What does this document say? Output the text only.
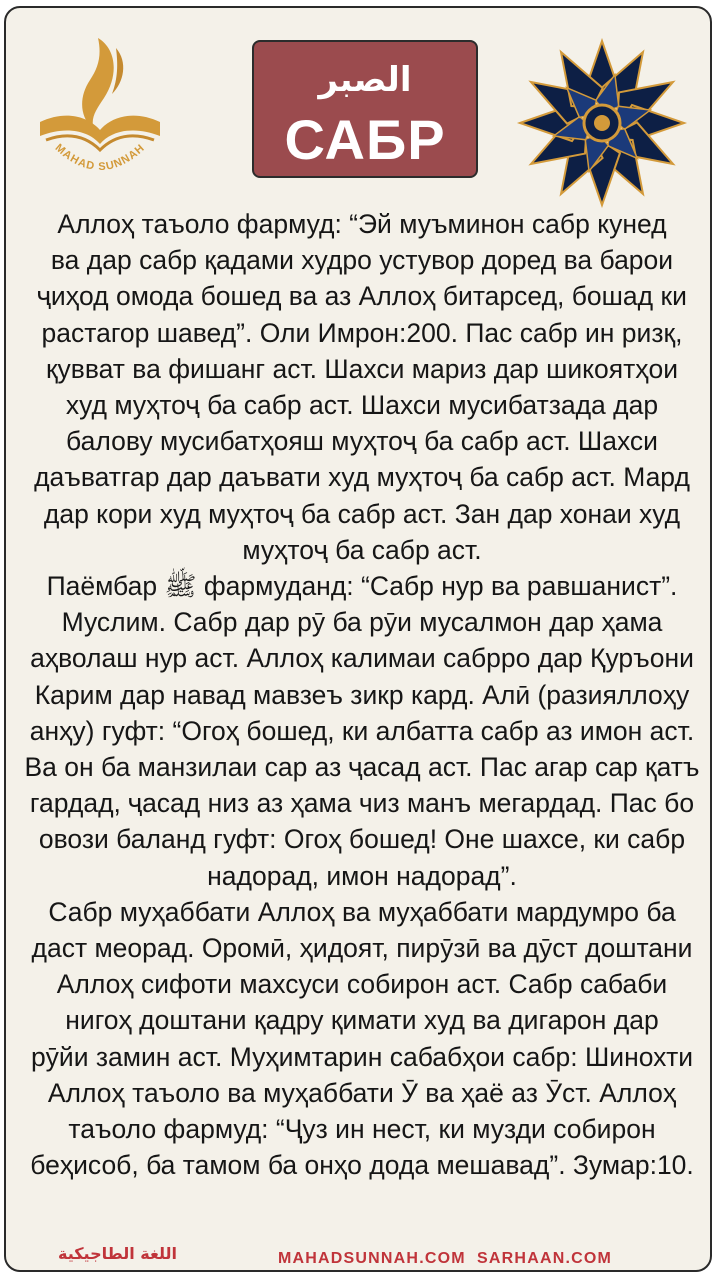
MAHAD SUNNAH
الصبر
САБР
Аллоҳ таъоло фармуд: “Эй муъминон сабр кунед
ва дар сабр қадами худро устувор доред ва барои
ҷиҳод омода бошед ва аз Аллоҳ битарсед, бошад ки
растагор шавед”. Оли Имрон:200. Пас сабр ин ризқ,
қувват ва фишанг аст. Шахси мариз дар шикоятҳои
худ муҳтоҷ ба сабр аст. Шахси мусибатзада дар
балову мусибатҳояш муҳтоҷ ба сабр аст. Шахси
даъватгар дар даъвати худ муҳтоҷ ба сабр аст. Мард
дар кори худ муҳтоҷ ба сабр аст. Зан дар хонаи худ
муҳтоҷ ба сабр аст.
Паёмбар ﷺ фармуданд: “Сабр нур ва равшанист”.
Муслим. Сабр дар рӯ ба рӯи мусалмон дар ҳама
аҳволаш нур аст. Аллоҳ калимаи сабрро дар Қуръони
Карим дар навад мавзеъ зикр кард. Алӣ (разияллоҳу
анҳу) гуфт: “Огоҳ бошед, ки албатта сабр аз имон аст.
Ва он ба манзилаи сар аз ҷасад аст. Пас агар сар қатъ
гардад, ҷасад низ аз ҳама чиз манъ мегардад. Пас бо
овози баланд гуфт: Огоҳ бошед! Оне шахсе, ки сабр
надорад, имон надорад”.
Сабр муҳаббати Аллоҳ ва муҳаббати мардумро ба
даст меорад. Оромӣ, ҳидоят, пирӯзӣ ва дӯст доштани
Аллоҳ сифоти махсуси собирон аст. Сабр сабаби
нигоҳ доштани қадру қимати худ ва дигарон дар
рӯйи замин аст. Муҳимтарин сабабҳои сабр: Шинохти
Аллоҳ таъоло ва муҳаббати Ӯ ва ҳаё аз Ӯст. Аллоҳ
таъоло фармуд: “Ҷуз ин нест, ки музди собирон
беҳисоб, ба тамом ба онҳо дода мешавад”. Зумар:10.
اللغة الطاجيكية	MAHADSUNNAH.COM  SARHAAN.COM
